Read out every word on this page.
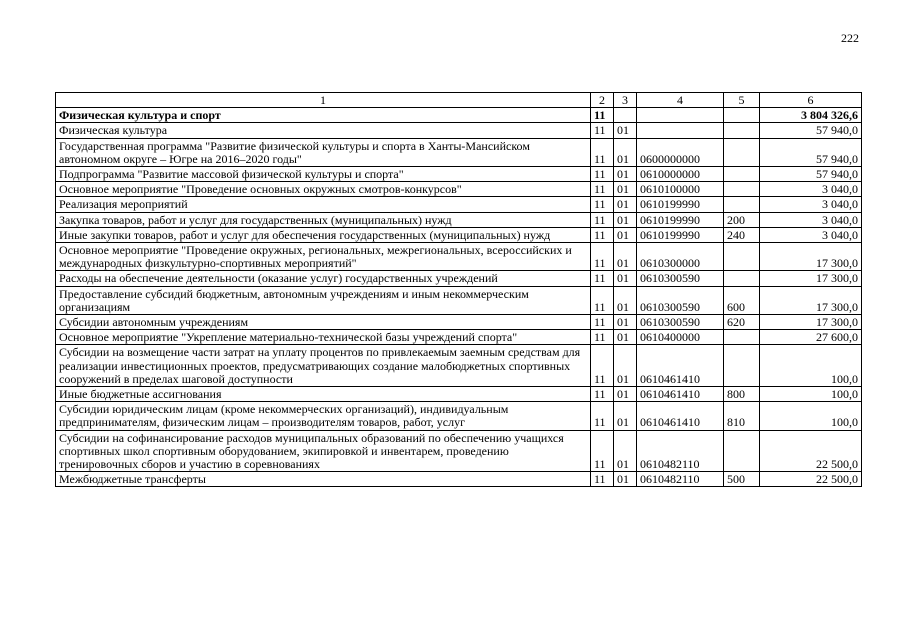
222
1	2	3	4	5	6
Физическая культура и спорт	11				3 804 326,6
Физическая культура	11	01			57 940,0
Государственная программа "Развитие физической культуры и спорта в Ханты-Мансийском автономном округе – Югре на 2016–2020 годы"	11	01	0600000000		57 940,0
Подпрограмма "Развитие массовой физической культуры и спорта"	11	01	0610000000		57 940,0
Основное мероприятие "Проведение основных окружных смотров-конкурсов"	11	01	0610100000		3 040,0
Реализация мероприятий	11	01	0610199990		3 040,0
Закупка товаров, работ и услуг для государственных (муниципальных) нужд	11	01	0610199990	200	3 040,0
Иные закупки товаров, работ и услуг для обеспечения государственных (муниципальных) нужд	11	01	0610199990	240	3 040,0
Основное мероприятие "Проведение окружных, региональных, межрегиональных, всероссийских и международных физкультурно-спортивных мероприятий"	11	01	0610300000		17 300,0
Расходы на обеспечение деятельности (оказание услуг) государственных учреждений	11	01	0610300590		17 300,0
Предоставление субсидий бюджетным, автономным учреждениям и иным некоммерческим организациям	11	01	0610300590	600	17 300,0
Субсидии автономным учреждениям	11	01	0610300590	620	17 300,0
Основное мероприятие "Укрепление материально-технической базы учреждений спорта"	11	01	0610400000		27 600,0
Субсидии на возмещение части затрат на уплату процентов по привлекаемым заемным средствам для реализации инвестиционных проектов, предусматривающих создание малобюджетных спортивных сооружений в пределах шаговой доступности	11	01	0610461410		100,0
Иные бюджетные ассигнования	11	01	0610461410	800	100,0
Субсидии юридическим лицам (кроме некоммерческих организаций), индивидуальным предпринимателям, физическим лицам – производителям товаров, работ, услуг	11	01	0610461410	810	100,0
Субсидии на софинансирование расходов муниципальных образований по обеспечению учащихся спортивных школ спортивным оборудованием, экипировкой и инвентарем, проведению тренировочных сборов и участию в соревнованиях	11	01	0610482110		22 500,0
Межбюджетные трансферты	11	01	0610482110	500	22 500,0
